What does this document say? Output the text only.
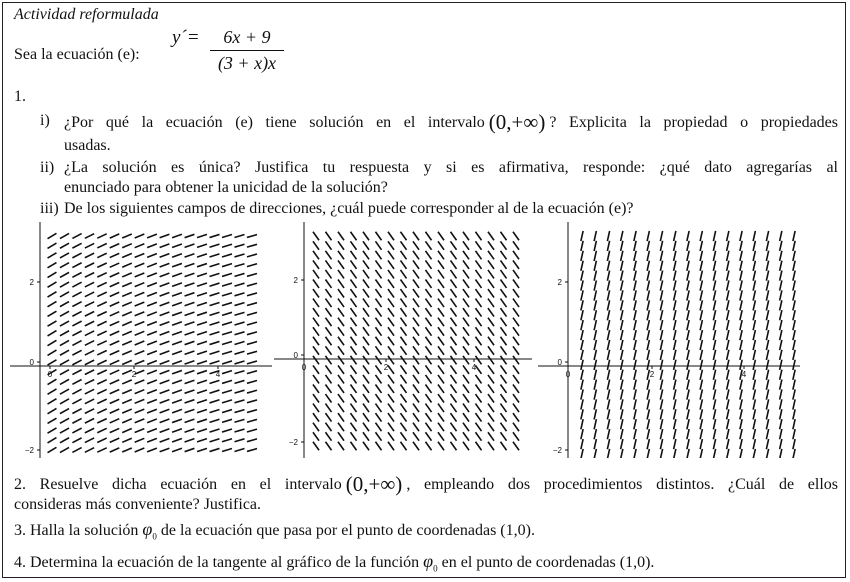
Actividad reformulada
Sea la ecuación (e):
y´= $\frac{6x + 9}{(3 + x)x}$
1.
i) ¿Por qué la ecuación (e) tiene solución en el intervalo (0,+∞) ? Explicita la propiedad o propiedades
usadas.
ii) ¿La solución es única? Justifica tu respuesta y si es afirmativa, responde: ¿qué dato agregarías al
enunciado para obtener la unicidad de la solución?
iii) De los siguientes campos de direcciones, ¿cuál puede corresponder al de la ecuación (e)?
2
0
−2
0	2	4
2
0
−2
0	2	4
2
0
−2
0	2	4
2. Resuelve dicha ecuación en el intervalo (0,+∞) , empleando dos procedimientos distintos. ¿Cuál de ellos
consideras más conveniente? Justifica.
3. Halla la solución $\varphi_0$ de la ecuación que pasa por el punto de coordenadas (1,0).
4. Determina la ecuación de la tangente al gráfico de la función $\varphi_0$ en el punto de coordenadas (1,0).
